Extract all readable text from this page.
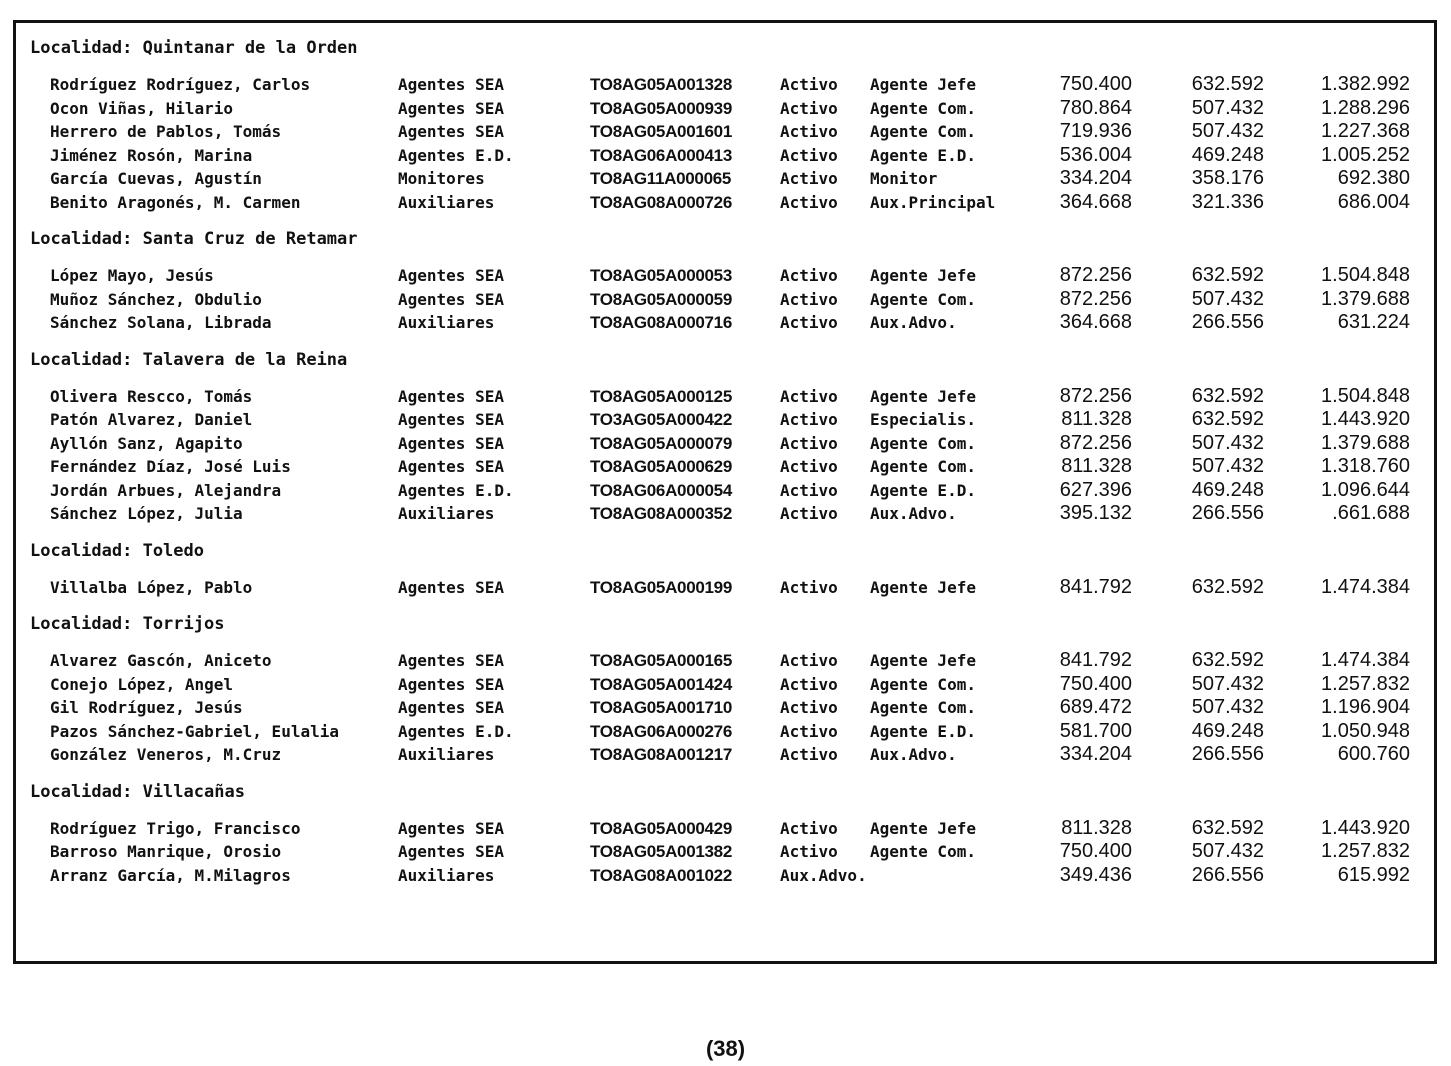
Localidad: Quintanar de la Orden
Rodríguez Rodríguez, Carlos	Agentes SEA	TO8AG05A001328	Activo	Agente Jefe	750.400	632.592	1.382.992
Ocon Viñas, Hilario	Agentes SEA	TO8AG05A000939	Activo	Agente Com.	780.864	507.432	1.288.296
Herrero de Pablos, Tomás	Agentes SEA	TO8AG05A001601	Activo	Agente Com.	719.936	507.432	1.227.368
Jiménez Rosón, Marina	Agentes E.D.	TO8AG06A000413	Activo	Agente E.D.	536.004	469.248	1.005.252
García Cuevas, Agustín	Monitores	TO8AG11A000065	Activo	Monitor	334.204	358.176	692.380
Benito Aragonés, M. Carmen	Auxiliares	TO8AG08A000726	Activo	Aux.Principal	364.668	321.336	686.004
Localidad: Santa Cruz de Retamar
López Mayo, Jesús	Agentes SEA	TO8AG05A000053	Activo	Agente Jefe	872.256	632.592	1.504.848
Muñoz Sánchez, Obdulio	Agentes SEA	TO8AG05A000059	Activo	Agente Com.	872.256	507.432	1.379.688
Sánchez Solana, Librada	Auxiliares	TO8AG08A000716	Activo	Aux.Advo.	364.668	266.556	631.224
Localidad: Talavera de la Reina
Olivera Rescco, Tomás	Agentes SEA	TO8AG05A000125	Activo	Agente Jefe	872.256	632.592	1.504.848
Patón Alvarez, Daniel	Agentes SEA	TO3AG05A000422	Activo	Especialis.	811.328	632.592	1.443.920
Ayllón Sanz, Agapito	Agentes SEA	TO8AG05A000079	Activo	Agente Com.	872.256	507.432	1.379.688
Fernández Díaz, José Luis	Agentes SEA	TO8AG05A000629	Activo	Agente Com.	811.328	507.432	1.318.760
Jordán Arbues, Alejandra	Agentes E.D.	TO8AG06A000054	Activo	Agente E.D.	627.396	469.248	1.096.644
Sánchez López, Julia	Auxiliares	TO8AG08A000352	Activo	Aux.Advo.	395.132	266.556	.661.688
Localidad: Toledo
Villalba López, Pablo	Agentes SEA	TO8AG05A000199	Activo	Agente Jefe	841.792	632.592	1.474.384
Localidad: Torrijos
Alvarez Gascón, Aniceto	Agentes SEA	TO8AG05A000165	Activo	Agente Jefe	841.792	632.592	1.474.384
Conejo López, Angel	Agentes SEA	TO8AG05A001424	Activo	Agente Com.	750.400	507.432	1.257.832
Gil Rodríguez, Jesús	Agentes SEA	TO8AG05A001710	Activo	Agente Com.	689.472	507.432	1.196.904
Pazos Sánchez-Gabriel, Eulalia	Agentes E.D.	TO8AG06A000276	Activo	Agente E.D.	581.700	469.248	1.050.948
González Veneros, M.Cruz	Auxiliares	TO8AG08A001217	Activo	Aux.Advo.	334.204	266.556	600.760
Localidad: Villacañas
Rodríguez Trigo, Francisco	Agentes SEA	TO8AG05A000429	Activo	Agente Jefe	811.328	632.592	1.443.920
Barroso Manrique, Orosio	Agentes SEA	TO8AG05A001382	Activo	Agente Com.	750.400	507.432	1.257.832
Arranz García, M.Milagros	Auxiliares	TO8AG08A001022	Aux.Advo.	349.436	266.556	615.992
(38)
